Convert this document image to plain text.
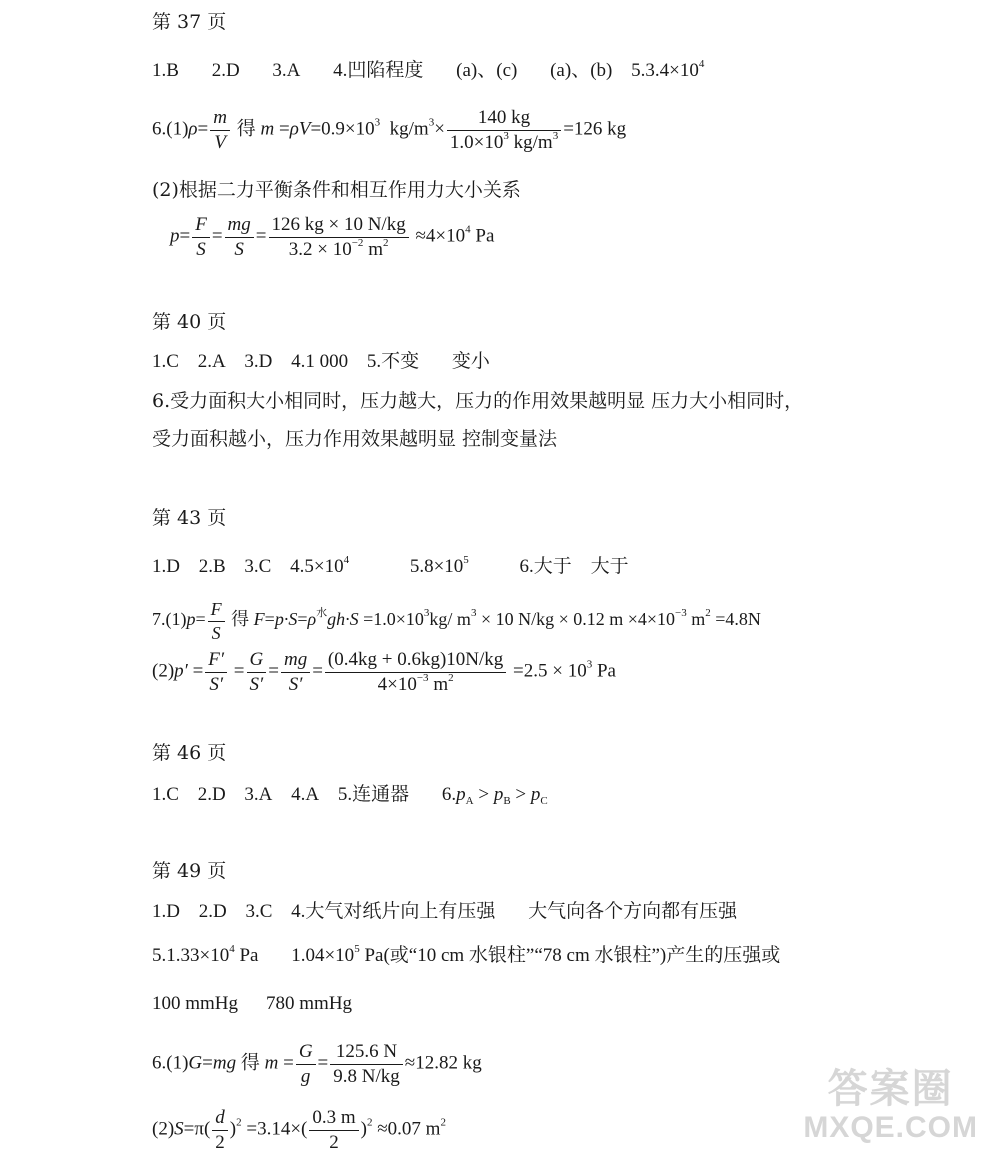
第 37 页
1.B 2.D 3.A 4.凹陷程度 (a)、(c) (a)、(b) $5.3.4\times 10^4$
$6.(1)\rho= \frac{m}{V}$ 得 $m =\rho V=0.9\times 10^3$ $kg/m^3\times \frac{140 kg}{1.0\times 10^3 kg/m^3} =126$ kg
(2)根据二力平衡条件和相互作用力大小关系
$p= \frac{F}{S} = \frac{mg}{S} = \frac{126 kg \times 10 N/kg}{3.2 \times 10^{-2} m^2} \approx 4\times 10^4$ Pa
第 40 页
1.C 2.A 3.D 4.1 000 5.不变 变小
6.受力面积大小相同时，压力越大，压力的作用效果越明显 压力大小相同时，
受力面积越小，压力作用效果越明显 控制变量法
第 43 页
1.D 2.B 3.C $4.5\times 10^4$	$5.8\times 10^5$	6.大于 大于
$7.(1)p= \frac{F}{S}$ 得 $F=p\cdot S=\rho^水gh\cdot S =1.0\times 10^3kg/$ $m^3 \times 10$ N/kg × 0.12 $m \times 4\times 10^{-3}$ $m^2 =4.8N$
$(2)p' = \frac{F'}{S'} = \frac{G}{S'} = \frac{mg}{S'} = \frac{(0.4kg + 0.6kg)10N/kg}{4\times 10^{-3} m^2} =2.5 \times 10^3$ Pa
第 46 页
1.C 2.D 3.A 4.A 5.连通器 $6.p_A > p_B > p_C$
第 49 页
1.D 2.D 3.C 4.大气对纸片向上有压强 大气向各个方向都有压强
$5.1.33\times 10^4$ Pa $1.04\times 10^5$ Pa(或“10 cm 水银柱”“78 cm 水银柱”)产生的压强或
100 mmHg 780 mmHg
6.(1)G=mg 得 $m = \frac{G}{g} = \frac{125.6 N}{9.8 N/kg} \approx 12.82$ kg
$(2)S=\pi( \frac{d}{2} )^2 =3.14\times( \frac{0.3 m}{2} )^2 \approx 0.07$ $m^2$
答案圈
MXQE.COM
